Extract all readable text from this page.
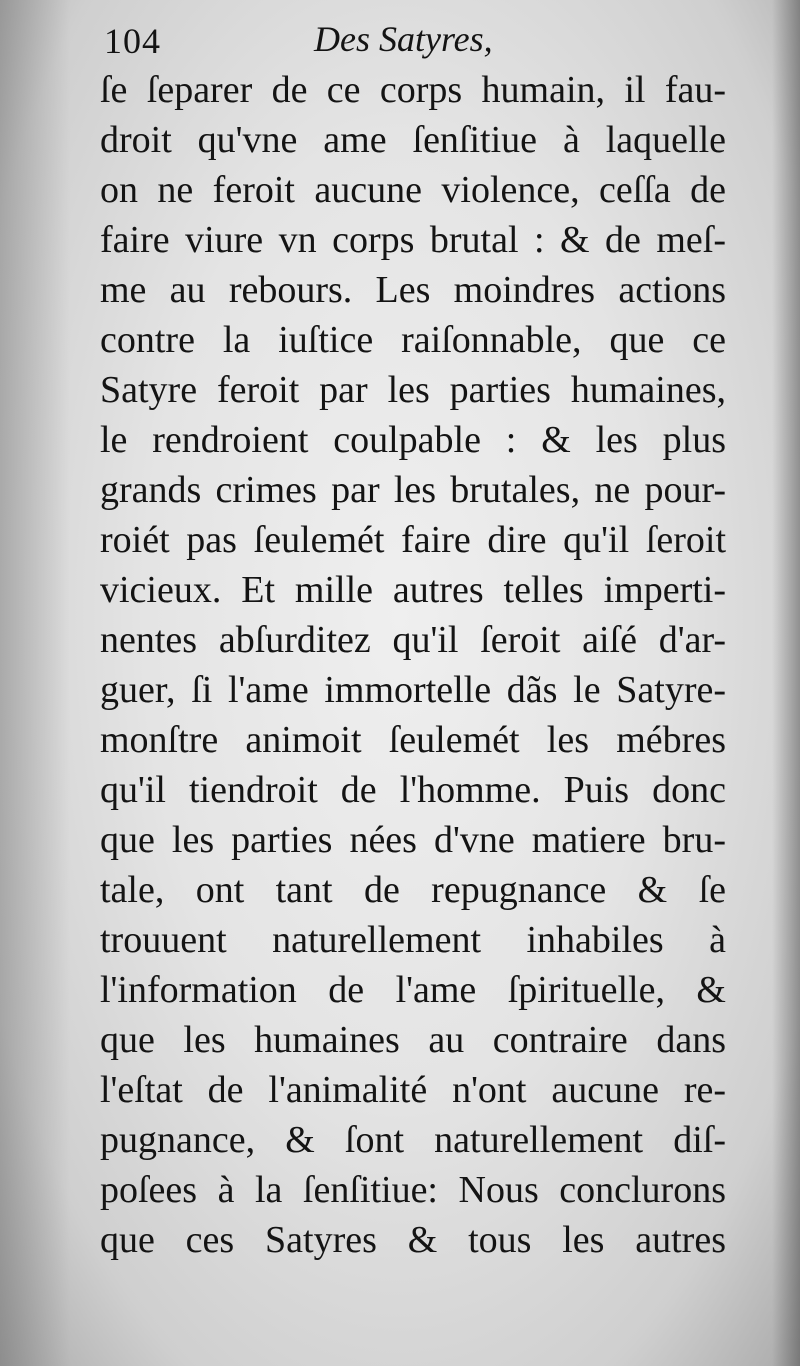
104	Des Satyres,
ſe ſeparer de ce corps humain, il fau-
droit qu'vne ame ſenſitiue à laquelle
on ne feroit aucune violence, ceſſa de
faire viure vn corps brutal : & de meſ-
me au rebours. Les moindres actions
contre la iuſtice raiſonnable, que ce
Satyre feroit par les parties humaines,
le rendroient coulpable : & les plus
grands crimes par les brutales, ne pour-
roiét pas ſeulemét faire dire qu'il ſeroit
vicieux. Et mille autres telles imperti-
nentes abſurditez qu'il ſeroit aiſé d'ar-
guer, ſi l'ame immortelle dãs le Satyre-
monſtre animoit ſeulemét les mébres
qu'il tiendroit de l'homme. Puis donc
que les parties nées d'vne matiere bru-
tale, ont tant de repugnance & ſe
trouuent naturellement inhabiles à
l'information de l'ame ſpirituelle, &
que les humaines au contraire dans
l'eſtat de l'animalité n'ont aucune re-
pugnance, & ſont naturellement diſ-
poſees à la ſenſitiue: Nous conclurons
que ces Satyres & tous les autres
